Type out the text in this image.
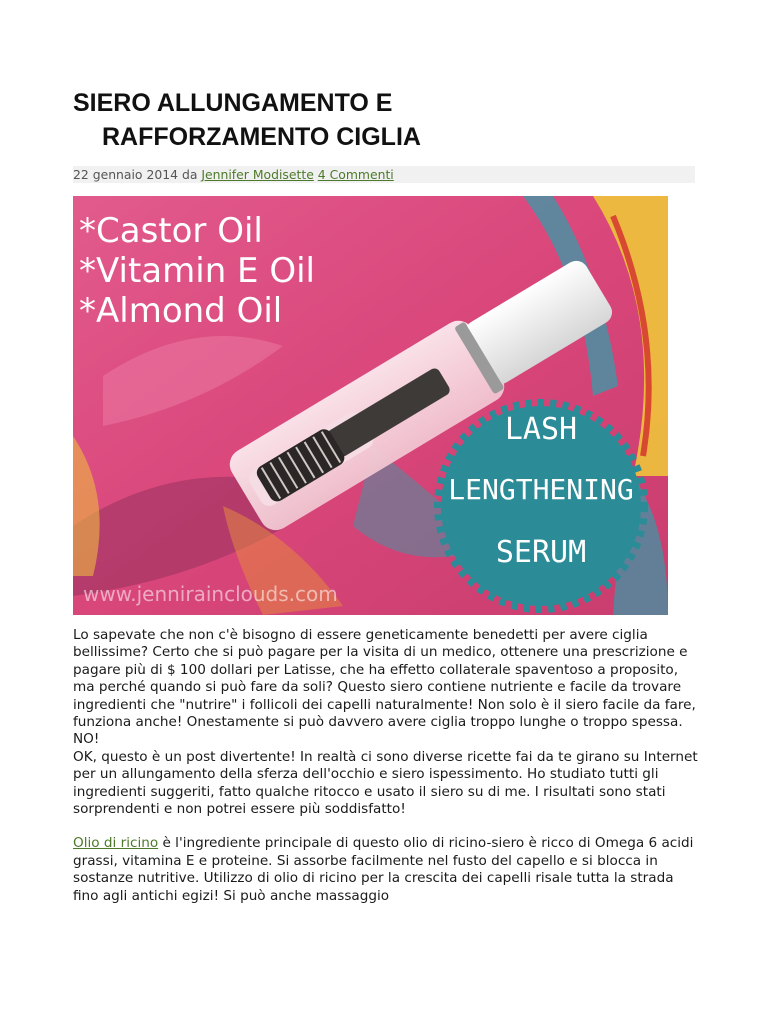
SIERO ALLUNGAMENTO E
RAFFORZAMENTO CIGLIA
22 gennaio 2014 da Jennifer Modisette 4 Commenti
*Castor Oil
*Vitamin E Oil
*Almond Oil
LASH
LENGTHENING
SERUM
www.jennirainclouds.com

Lo sapevate che non c'è bisogno di essere geneticamente benedetti per avere ciglia bellissime? Certo che si può pagare per la visita di un medico, ottenere una prescrizione e pagare più di $ 100 dollari per Latisse, che ha effetto collaterale spaventoso a proposito, ma perché quando si può fare da soli? Questo siero contiene nutriente e facile da trovare ingredienti che "nutrire" i follicoli dei capelli naturalmente! Non solo è il siero facile da fare, funziona anche! Onestamente si può davvero avere ciglia troppo lunghe o troppo spessa. NO!

OK, questo è un post divertente! In realtà ci sono diverse ricette fai da te girano su Internet per un allungamento della sferza dell'occhio e siero ispessimento. Ho studiato tutti gli ingredienti suggeriti, fatto qualche ritocco e usato il siero su di me. I risultati sono stati sorprendenti e non potrei essere più soddisfatto!

Olio di ricino è l'ingrediente principale di questo olio di ricino-siero è ricco di Omega 6 acidi grassi, vitamina E e proteine. Si assorbe facilmente nel fusto del capello e si blocca in sostanze nutritive. Utilizzo di olio di ricino per la crescita dei capelli risale tutta la strada fino agli antichi egizi! Si può anche massaggio
